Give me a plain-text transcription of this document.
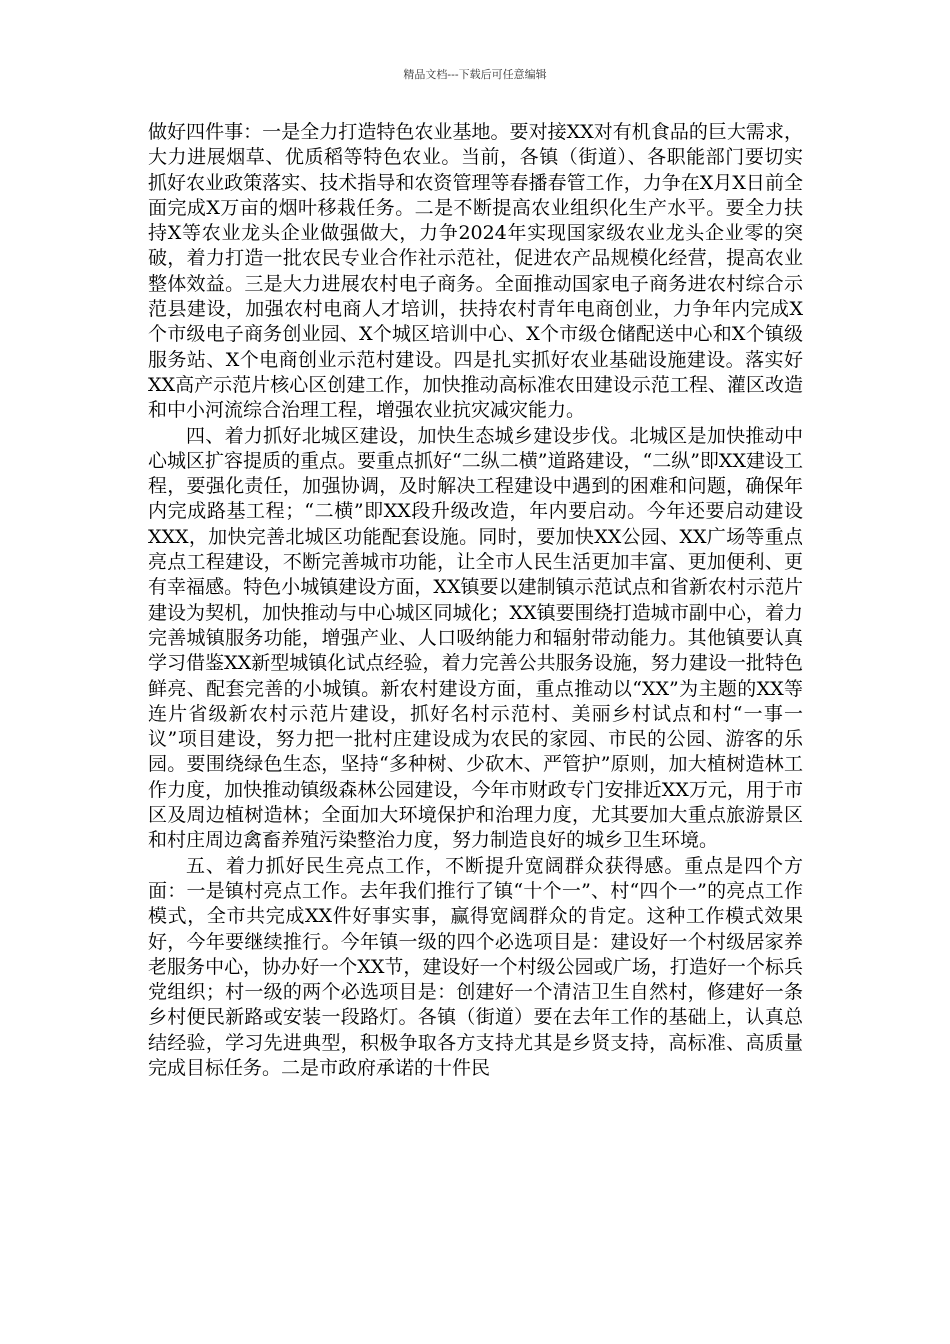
精品文档---下载后可任意编辑

做好四件事：一是全力打造特色农业基地。要对接XX对有机食品的巨大需求，大力进展烟草、优质稻等特色农业。当前，各镇（街道）、各职能部门要切实抓好农业政策落实、技术指导和农资管理等春播春管工作，力争在X月X日前全面完成X万亩的烟叶移栽任务。二是不断提高农业组织化生产水平。要全力扶持X等农业龙头企业做强做大，力争2024年实现国家级农业龙头企业零的突破，着力打造一批农民专业合作社示范社，促进农产品规模化经营，提高农业整体效益。三是大力进展农村电子商务。全面推动国家电子商务进农村综合示范县建设，加强农村电商人才培训，扶持农村青年电商创业，力争年内完成X个市级电子商务创业园、X个城区培训中心、X个市级仓储配送中心和X个镇级服务站、X个电商创业示范村建设。四是扎实抓好农业基础设施建设。落实好XX高产示范片核心区创建工作，加快推动高标准农田建设示范工程、灌区改造和中小河流综合治理工程，增强农业抗灾减灾能力。

四、着力抓好北城区建设，加快生态城乡建设步伐。北城区是加快推动中心城区扩容提质的重点。要重点抓好“二纵二横”道路建设，“二纵”即XX建设工程，要强化责任，加强协调，及时解决工程建设中遇到的困难和问题，确保年内完成路基工程；“二横”即XX段升级改造，年内要启动。今年还要启动建设XXX，加快完善北城区功能配套设施。同时，要加快XX公园、XX广场等重点亮点工程建设，不断完善城市功能，让全市人民生活更加丰富、更加便利、更有幸福感。特色小城镇建设方面，XX镇要以建制镇示范试点和省新农村示范片建设为契机，加快推动与中心城区同城化；XX镇要围绕打造城市副中心，着力完善城镇服务功能，增强产业、人口吸纳能力和辐射带动能力。其他镇要认真学习借鉴XX新型城镇化试点经验，着力完善公共服务设施，努力建设一批特色鲜亮、配套完善的小城镇。新农村建设方面，重点推动以“XX”为主题的XX等连片省级新农村示范片建设，抓好名村示范村、美丽乡村试点和村“一事一议”项目建设，努力把一批村庄建设成为农民的家园、市民的公园、游客的乐园。要围绕绿色生态，坚持“多种树、少砍木、严管护”原则，加大植树造林工作力度，加快推动镇级森林公园建设，今年市财政专门安排近XX万元，用于市区及周边植树造林；全面加大环境保护和治理力度，尤其要加大重点旅游景区和村庄周边禽畜养殖污染整治力度，努力制造良好的城乡卫生环境。

五、着力抓好民生亮点工作，不断提升宽阔群众获得感。重点是四个方面：一是镇村亮点工作。去年我们推行了镇“十个一”、村“四个一”的亮点工作模式，全市共完成XX件好事实事，赢得宽阔群众的肯定。这种工作模式效果好，今年要继续推行。今年镇一级的四个必选项目是：建设好一个村级居家养老服务中心，协办好一个XX节，建设好一个村级公园或广场，打造好一个标兵党组织；村一级的两个必选项目是：创建好一个清洁卫生自然村，修建好一条乡村便民新路或安装一段路灯。各镇（街道）要在去年工作的基础上，认真总结经验，学习先进典型，积极争取各方支持尤其是乡贤支持，高标准、高质量完成目标任务。二是市政府承诺的十件民
